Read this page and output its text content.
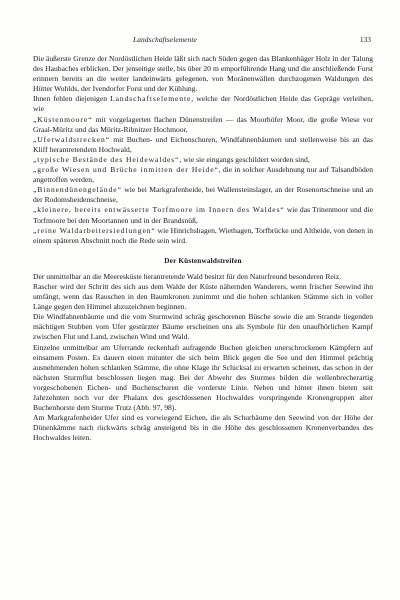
Landschaftselemente	133

Die äußerste Grenze der Nordöstlichen Heide läßt sich nach Süden gegen das Blankenhäger Holz in der Talung des Haubaches erblicken. Der jenseitige steile, bis über 20 m emporführende Hang und die anschließende Forst erinnern bereits an die weiter landeinwärts gelegenen, von Moränenwällen durchzogenen Waldungen des Hütter Wohlds, der Ivendorfer Forst und der Kühlung.

Ihnen fehlen diejenigen Landschaftselemente, welche der Nordöstlichen Heide das Gepräge verleihen, wie

„Küstenmoore“ mit vorgelagerten flachen Dünenstreifen — das Moorhöfer Moor, die große Wiese vor Graal-Müritz und das Müritz-Ribnitzer Hochmoor,

„Uferwaldstrecken“ mit Buchen- und Eichenschuren, Windfahnenbäumen und stellenweise bis an das Kliff herantretendem Hochwald,

„typische Bestände des Heidewaldes“, wie sie eingangs geschildert worden sind,

„große Wiesen und Brüche inmitten der Heide“, die in solcher Ausdehnung nur auf Talsandböden angetroffen werden,

„Binnendünengelände“ wie bei Markgrafenheide, bei Wallensteinslager, an der Rosenortschneise und an der Rodomsheidenschneise,

„kleinere, bereits entwässerte Torfmoore im Innern des Waldes“ wie das Trinenmoor und die Torfmoore bei den Moortannen und in der Brandsnüß,

„reine Waldarbeitersiedlungen“ wie Hinrichshagen, Wiethagen, Torfbrücke und Altheide, von denen in einem späteren Abschnitt noch die Rede sein wird.

Der Küstenwaldstreifen

Der unmittelbar an die Meeresküste herantretende Wald besitzt für den Naturfreund besonderen Reiz.

Rascher wird der Schritt des sich aus dem Walde der Küste nähernden Wanderers, wenn frischer Seewind ihn umfängt, wenn das Rauschen in den Baumkronen zunimmt und die hohen schlanken Stämme sich in voller Länge gegen den Himmel abzuzeichnen beginnen.

Die Windfahnenbäume und die vom Sturmwind schräg geschorenen Büsche sowie die am Strande liegenden mächtigen Stubben vom Ufer gestürzter Bäume erscheinen uns als Symbole für den unaufhörlichen Kampf zwischen Flut und Land, zwischen Wind und Wald.

Einzelne unmittelbar am Uferrande reckenhaft aufragende Buchen gleichen unerschrockenen Kämpfern auf einsamem Posten. Es dauern einen mitunter die sich beim Blick gegen die See und den Himmel prächtig ausnehmenden hohen schlanken Stämme, die ohne Klage ihr Schicksal zu erwarten scheinen, das schon in der nächsten Sturmflut beschlossen liegen mag. Bei der Abwehr des Sturmes bilden die wellenbrecherartig vorgeschobenen Eichen- und Buchenschuren die vorderste Linie. Neben und hinter ihnen bieten seit Jahrzehnten noch vor der Phalanx des geschlossenen Hochwaldes vorspringende Kronengruppen alter Buchenhorste dem Sturme Trutz (Abb. 97, 98).

Am Markgrafenheider Ufer sind es vorwiegend Eichen, die als Schurbäume den Seewind von der Höhe der Dünenkämme nach rückwärts schräg ansteigend bis in die Höhe des geschlossenen Kronenverbandes des Hochwaldes leiten.
